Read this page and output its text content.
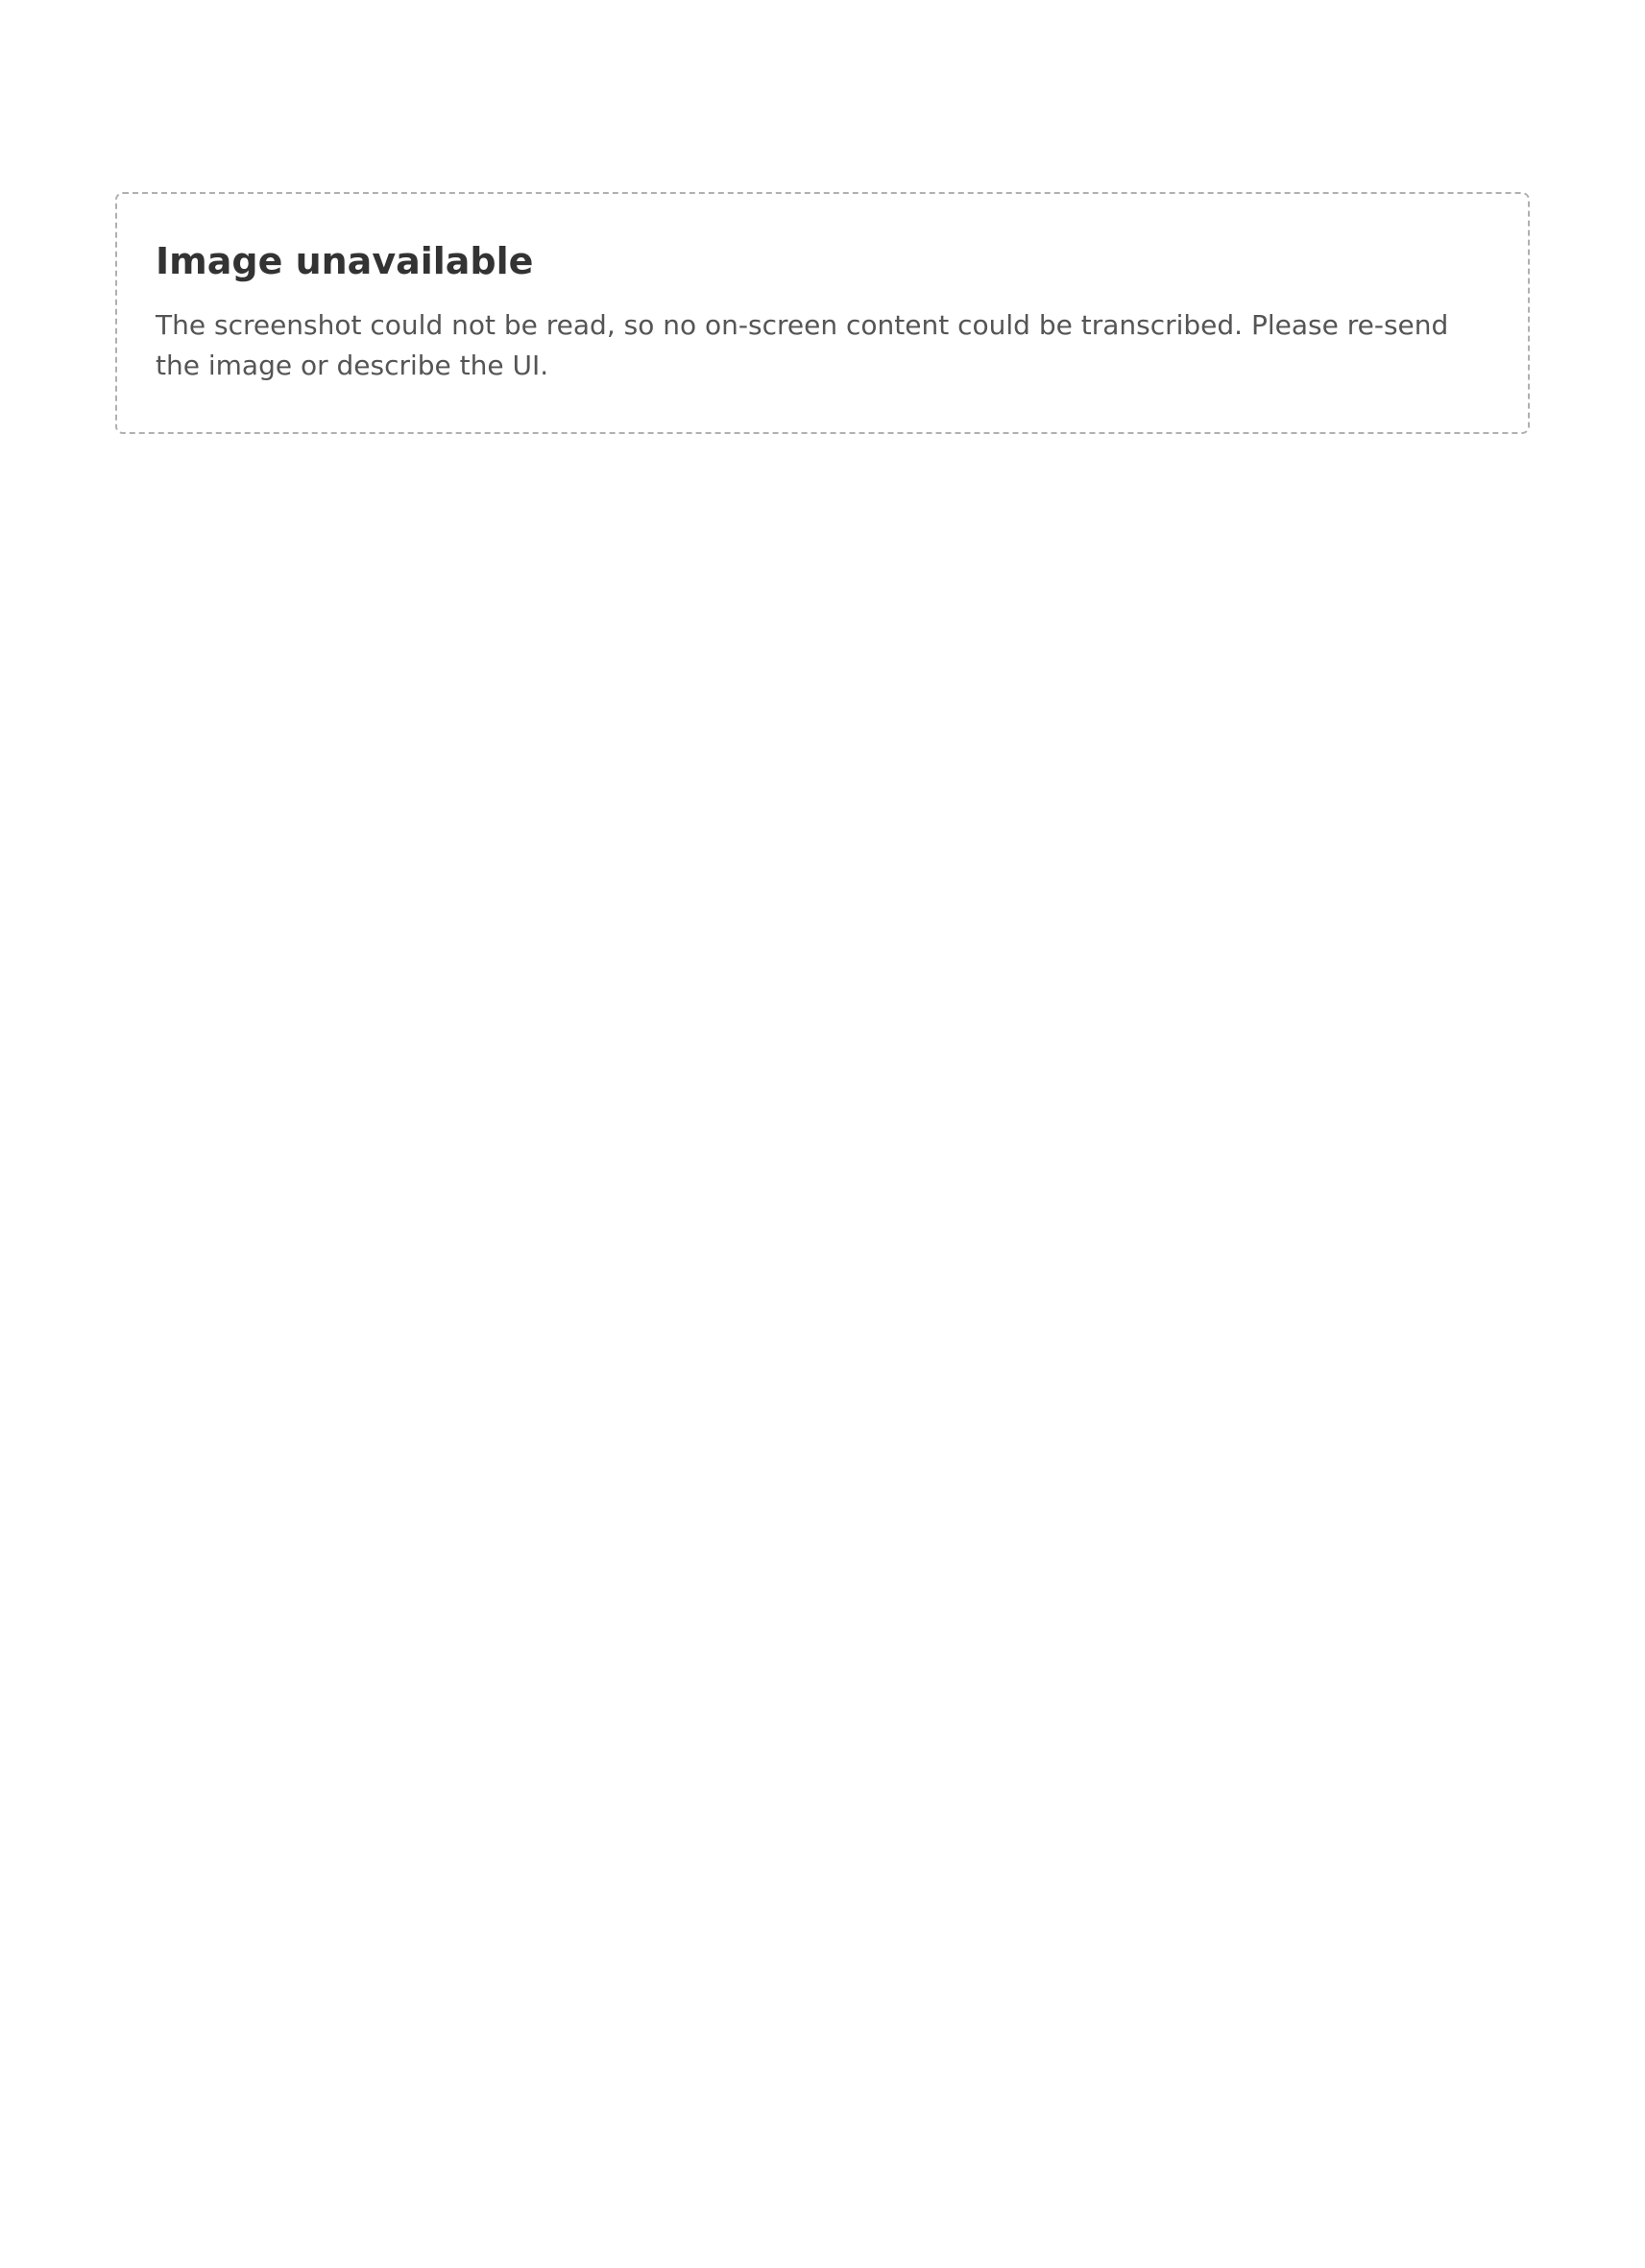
Image unavailable

The screenshot could not be read, so no on-screen content could be transcribed. Please re-send the image or describe the UI.
